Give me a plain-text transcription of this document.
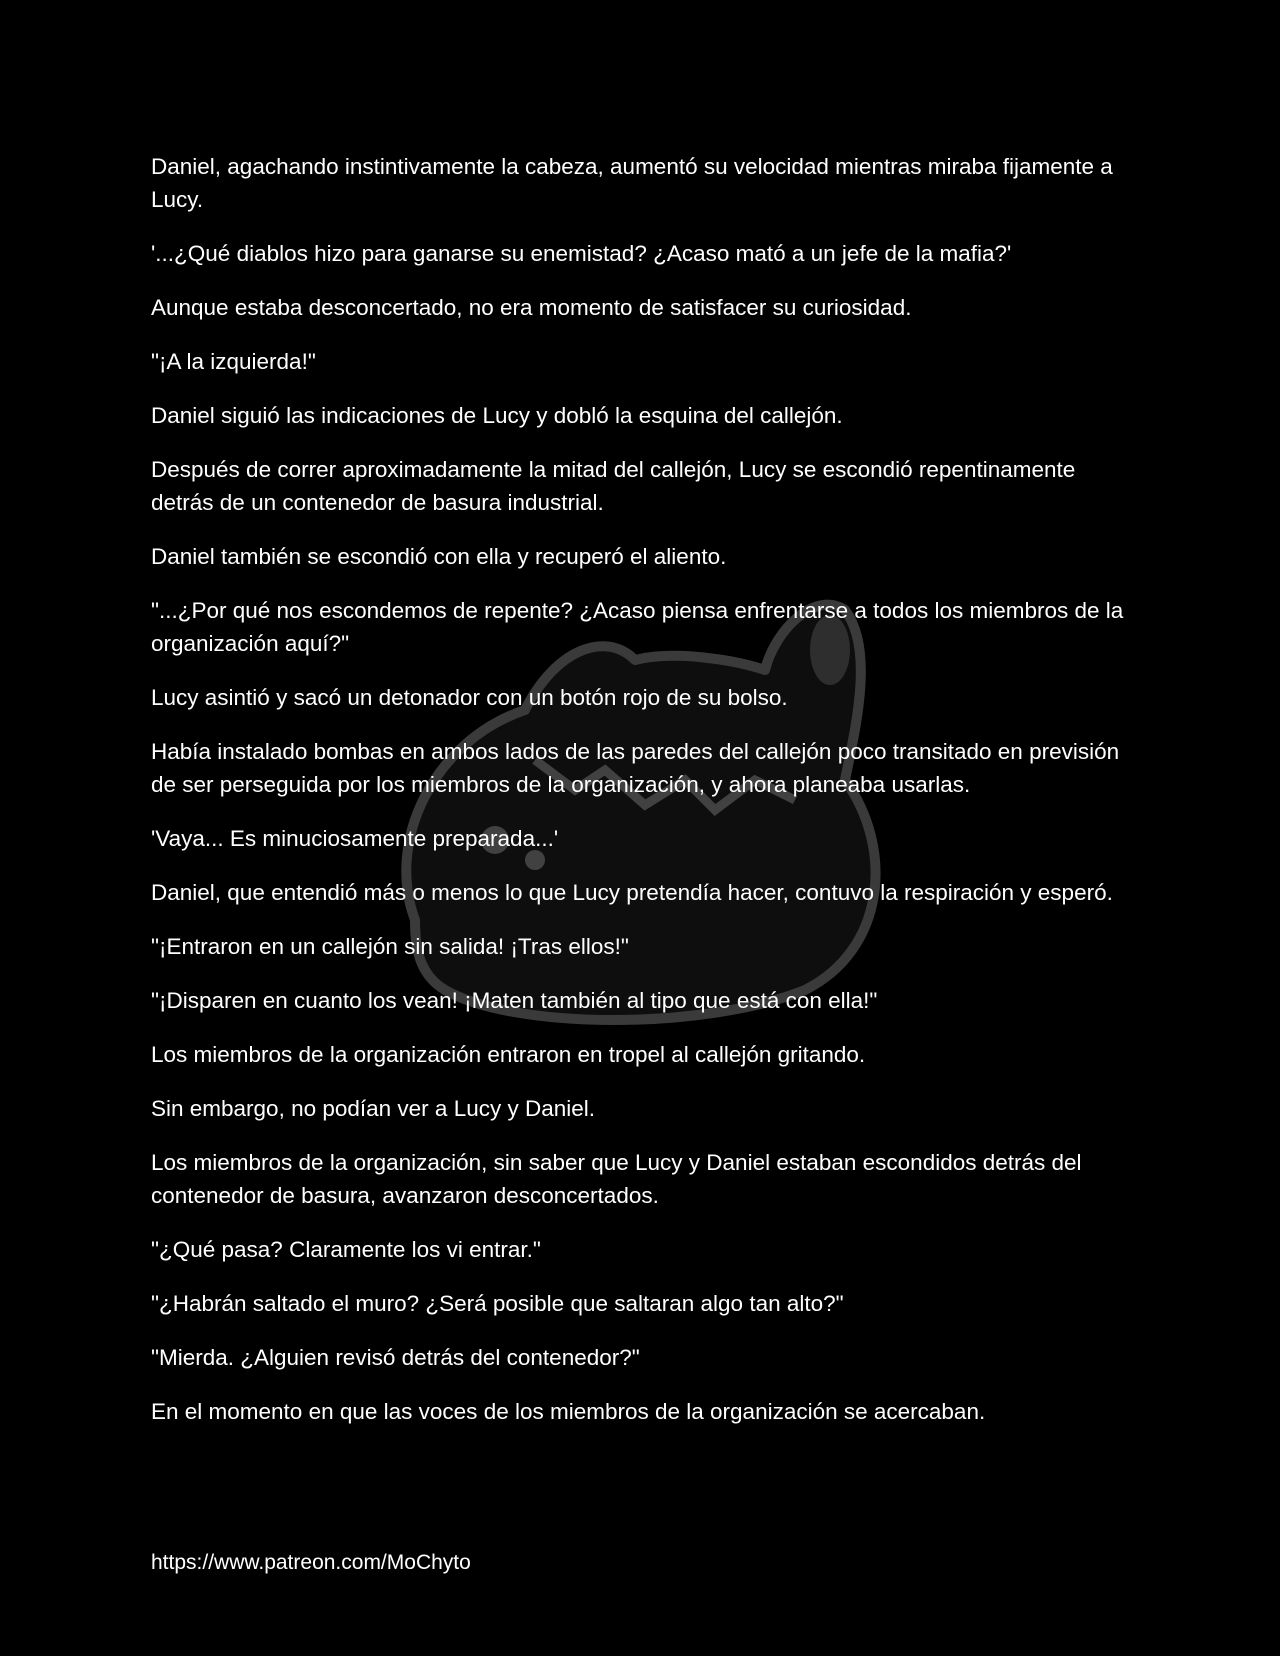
Daniel, agachando instintivamente la cabeza, aumentó su velocidad mientras miraba fijamente a Lucy.

'...¿Qué diablos hizo para ganarse su enemistad? ¿Acaso mató a un jefe de la mafia?'

Aunque estaba desconcertado, no era momento de satisfacer su curiosidad.

"¡A la izquierda!"

Daniel siguió las indicaciones de Lucy y dobló la esquina del callejón.

Después de correr aproximadamente la mitad del callejón, Lucy se escondió repentinamente detrás de un contenedor de basura industrial.

Daniel también se escondió con ella y recuperó el aliento.

"...¿Por qué nos escondemos de repente? ¿Acaso piensa enfrentarse a todos los miembros de la organización aquí?"

Lucy asintió y sacó un detonador con un botón rojo de su bolso.

Había instalado bombas en ambos lados de las paredes del callejón poco transitado en previsión de ser perseguida por los miembros de la organización, y ahora planeaba usarlas.

'Vaya... Es minuciosamente preparada...'

Daniel, que entendió más o menos lo que Lucy pretendía hacer, contuvo la respiración y esperó.

"¡Entraron en un callejón sin salida! ¡Tras ellos!"

"¡Disparen en cuanto los vean! ¡Maten también al tipo que está con ella!"

Los miembros de la organización entraron en tropel al callejón gritando.

Sin embargo, no podían ver a Lucy y Daniel.

Los miembros de la organización, sin saber que Lucy y Daniel estaban escondidos detrás del contenedor de basura, avanzaron desconcertados.

"¿Qué pasa? Claramente los vi entrar."

"¿Habrán saltado el muro? ¿Será posible que saltaran algo tan alto?"

"Mierda. ¿Alguien revisó detrás del contenedor?"

En el momento en que las voces de los miembros de la organización se acercaban.

https://www.patreon.com/MoChyto
